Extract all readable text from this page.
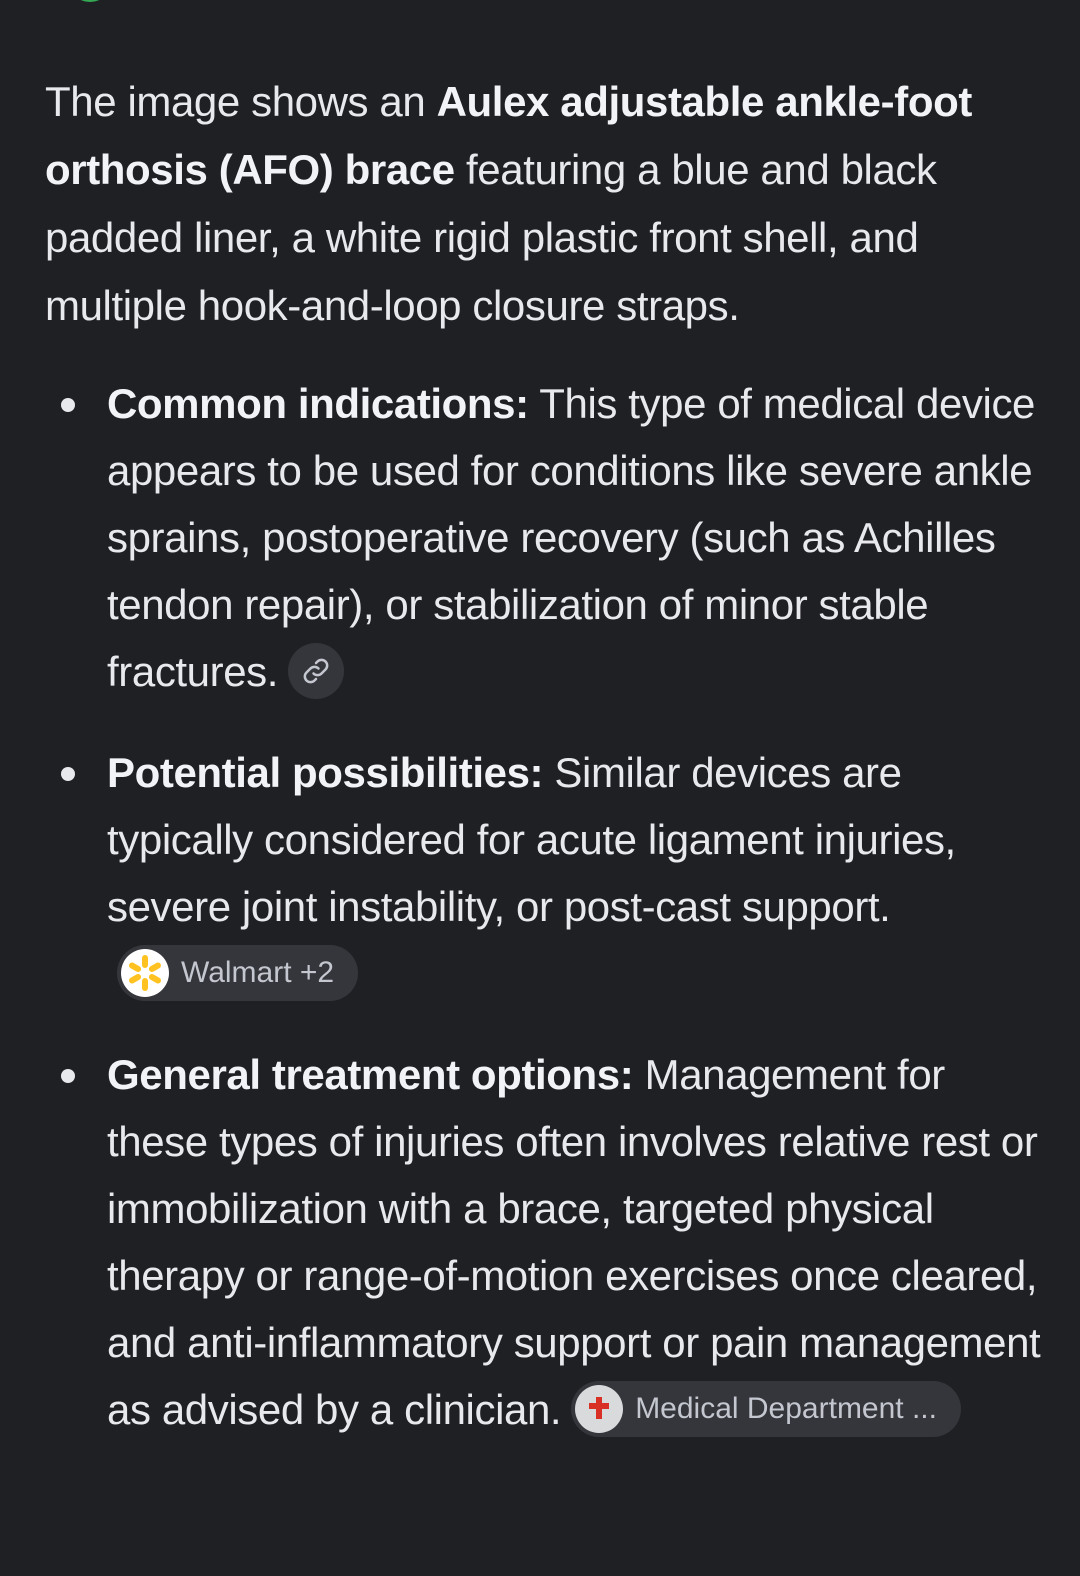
The image shows an Aulex adjustable ankle-foot orthosis (AFO) brace featuring a blue and black padded liner, a white rigid plastic front shell, and multiple hook-and-loop closure straps.

Common indications: This type of medical device appears to be used for conditions like severe ankle sprains, postoperative recovery (such as Achilles tendon repair), or stabilization of minor stable fractures.
Potential possibilities: Similar devices are typically considered for acute ligament injuries, severe joint instability, or post-cast support.
Walmart +2
General treatment options: Management for these types of injuries often involves relative rest or immobilization with a brace, targeted physical therapy or range-of-motion exercises once cleared, and anti-inflammatory support or pain management as advised by a clinician. Medical Department ...
